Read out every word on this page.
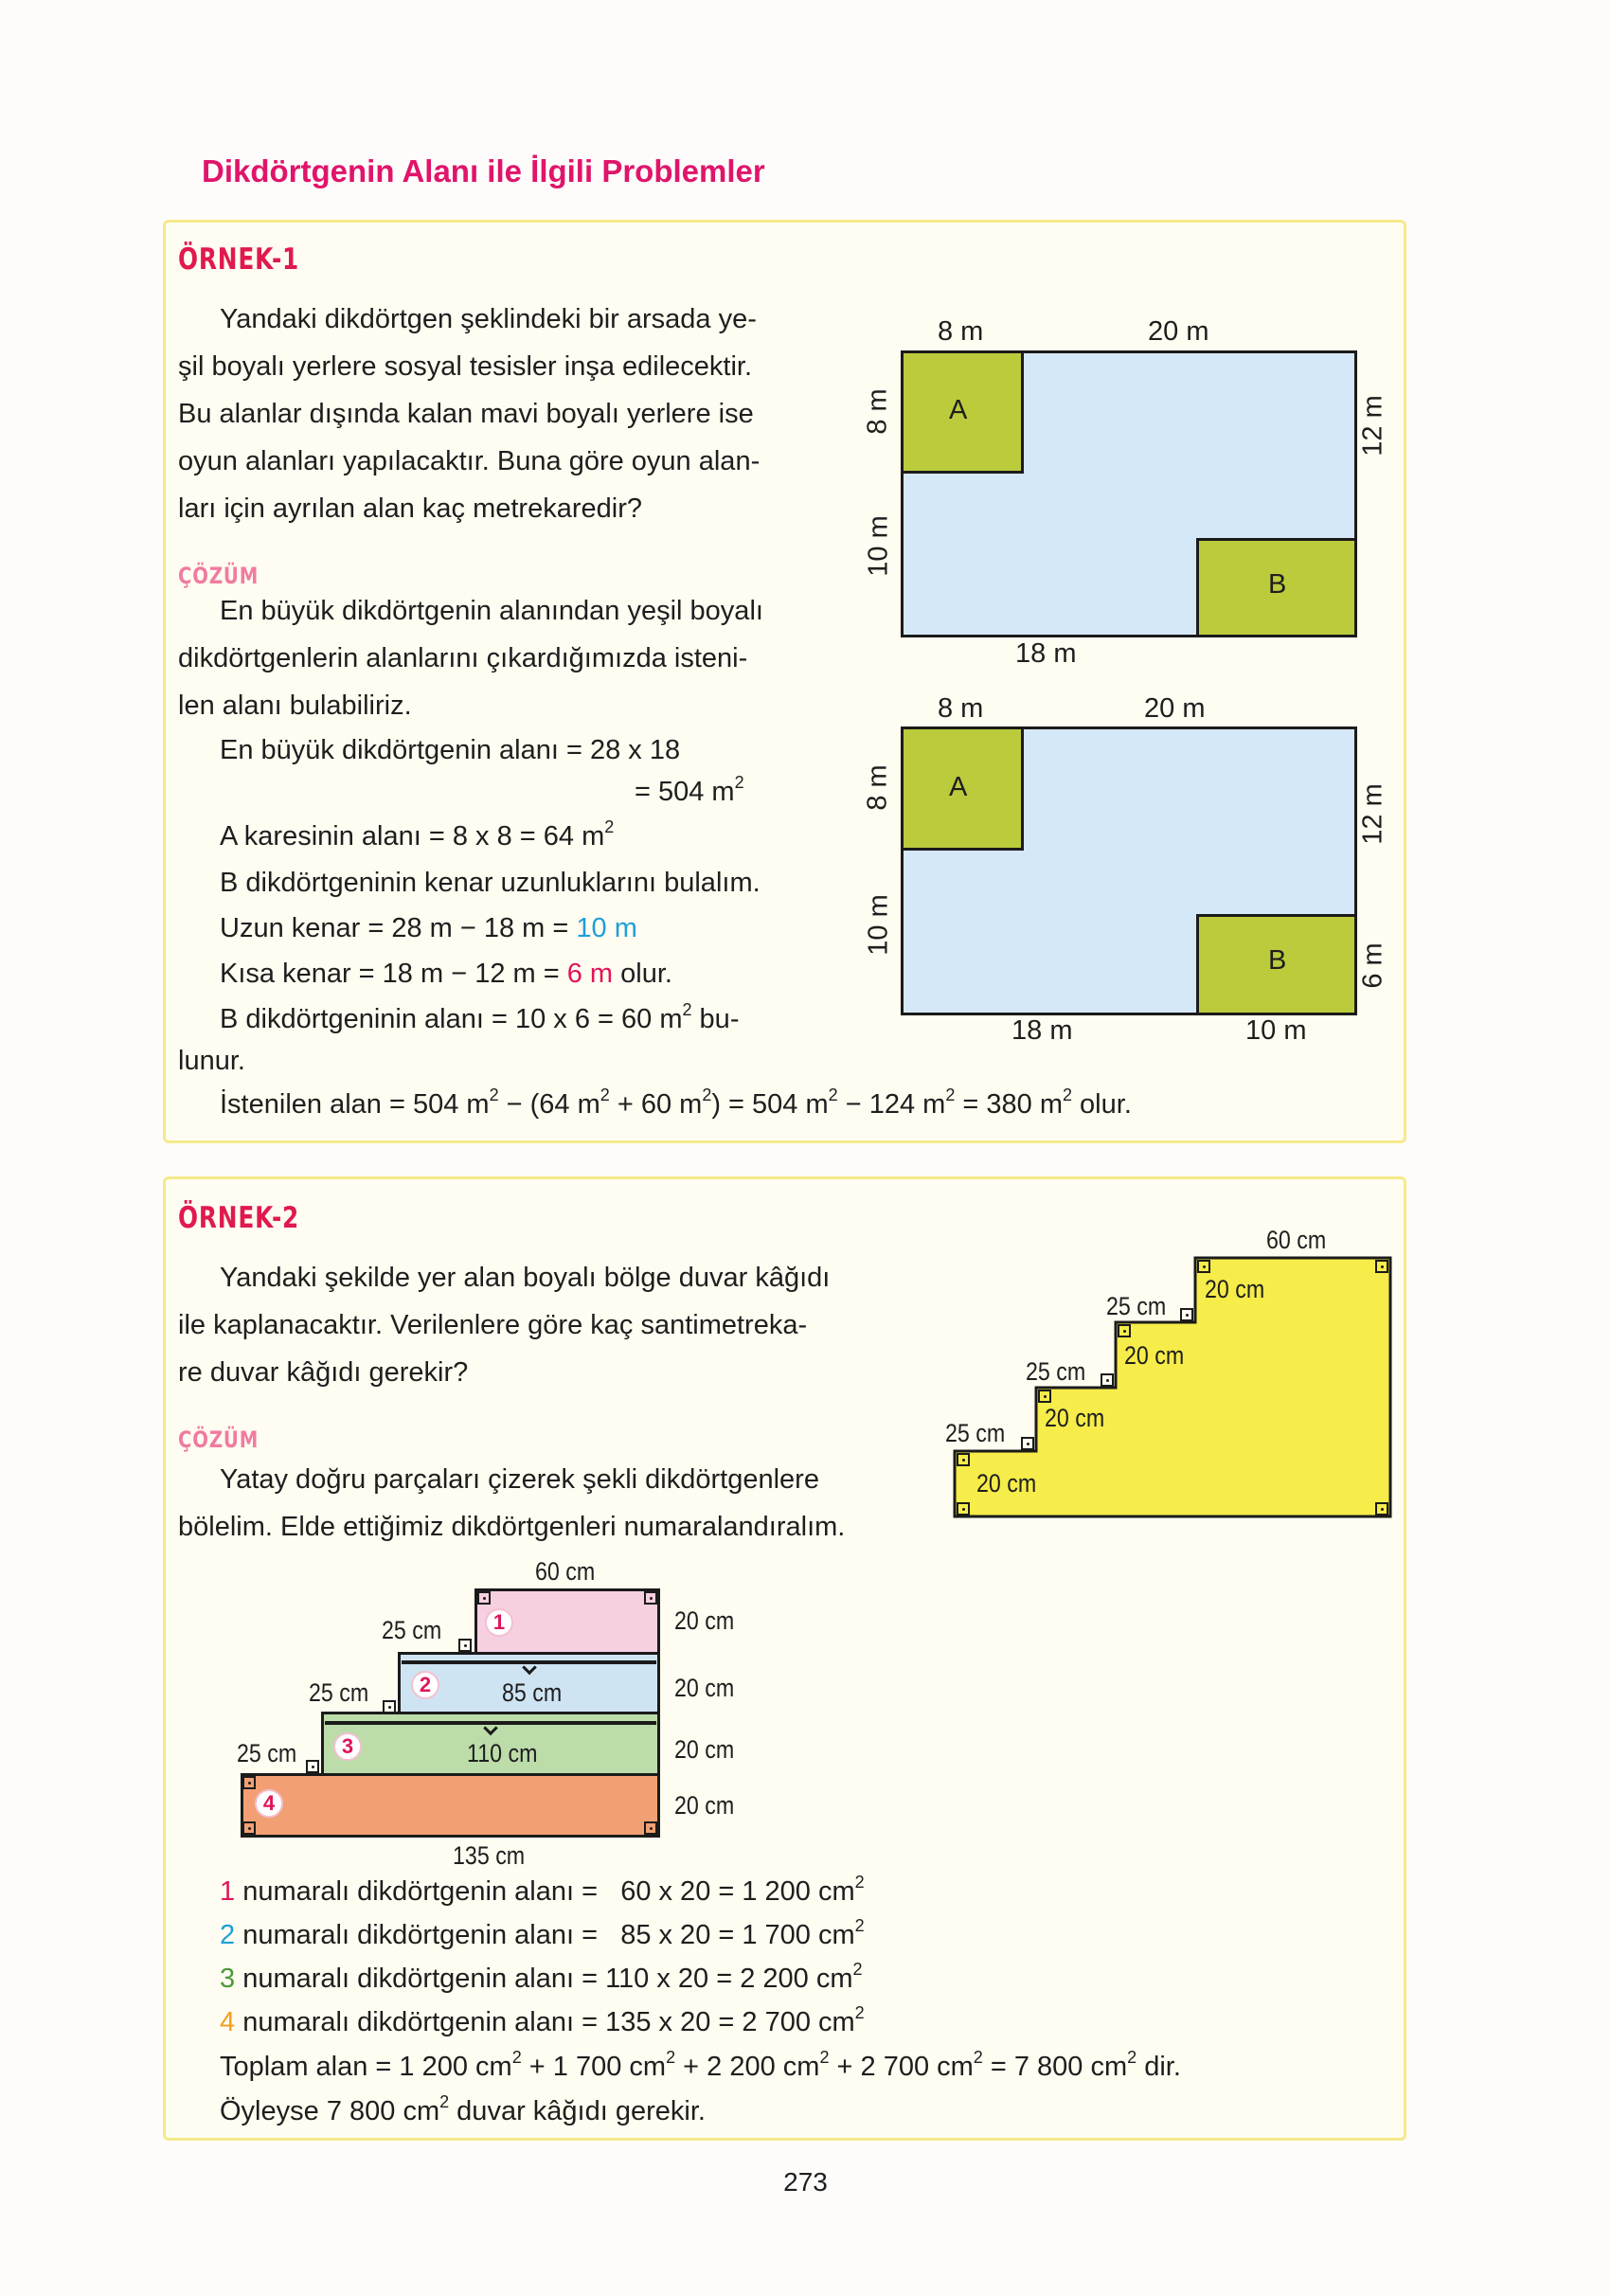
Dikdörtgenin Alanı ile İlgili Problemler
ÖRNEK-1
Yandaki dikdörtgen şeklindeki bir arsada ye-
şil boyalı yerlere sosyal tesisler inşa edilecektir.
Bu alanlar dışında kalan mavi boyalı yerlere ise
oyun alanları yapılacaktır. Buna göre oyun alan-
ları için ayrılan alan kaç metrekaredir?
ÇÖZÜM
En büyük dikdörtgenin alanından yeşil boyalı
dikdörtgenlerin alanlarını çıkardığımızda isteni-
len alanı bulabiliriz.
En büyük dikdörtgenin alanı = 28 x 18
= 504 $m^2$
A karesinin alanı = 8 x 8 = 64 $m^2$
B dikdörtgeninin kenar uzunluklarını bulalım.
Uzun kenar = 28 m − 18 m = 10 m
Kısa kenar = 18 m − 12 m = 6 m olur.
B dikdörtgeninin alanı = 10 x 6 = 60 $m^2$ bu-
lunur.
İstenilen alan = 504 $m^2 - (64$ $m^2 + 60$ $m^2) = 504$ $m^2 - 124$ $m^2 = 380$ $m^2$ olur.
8 m	20 m
A
B
8 m
10 m
12 m
18 m
8 m	20 m
A
B
8 m
10 m
12 m
6 m
18 m	10 m
ÖRNEK-2
Yandaki şekilde yer alan boyalı bölge duvar kâğıdı
ile kaplanacaktır. Verilenlere göre kaç santimetreka-
re duvar kâğıdı gerekir?
ÇÖZÜM
Yatay doğru parçaları çizerek şekli dikdörtgenlere
bölelim. Elde ettiğimiz dikdörtgenleri numaralandıralım.
60 cm
20 cm
25 cm
20 cm
25 cm
20 cm
25 cm
20 cm
60 cm
1
2
3
4
85 cm
110 cm
25 cm
25 cm
25 cm
20 cm
20 cm
20 cm
20 cm
135 cm
1 numaralı dikdörtgenin alanı =   60 x 20 = 1 200 $cm^2$
2 numaralı dikdörtgenin alanı =   85 x 20 = 1 700 $cm^2$
3 numaralı dikdörtgenin alanı = 110 x 20 = 2 200 $cm^2$
4 numaralı dikdörtgenin alanı = 135 x 20 = 2 700 $cm^2$
Toplam alan = 1 200 $cm^2 + 1$ 700 $cm^2 + 2$ 200 $cm^2 + 2$ 700 $cm^2 = 7$ 800 $cm^2$ dir.
Öyleyse 7 800 $cm^2$ duvar kâğıdı gerekir.
273
